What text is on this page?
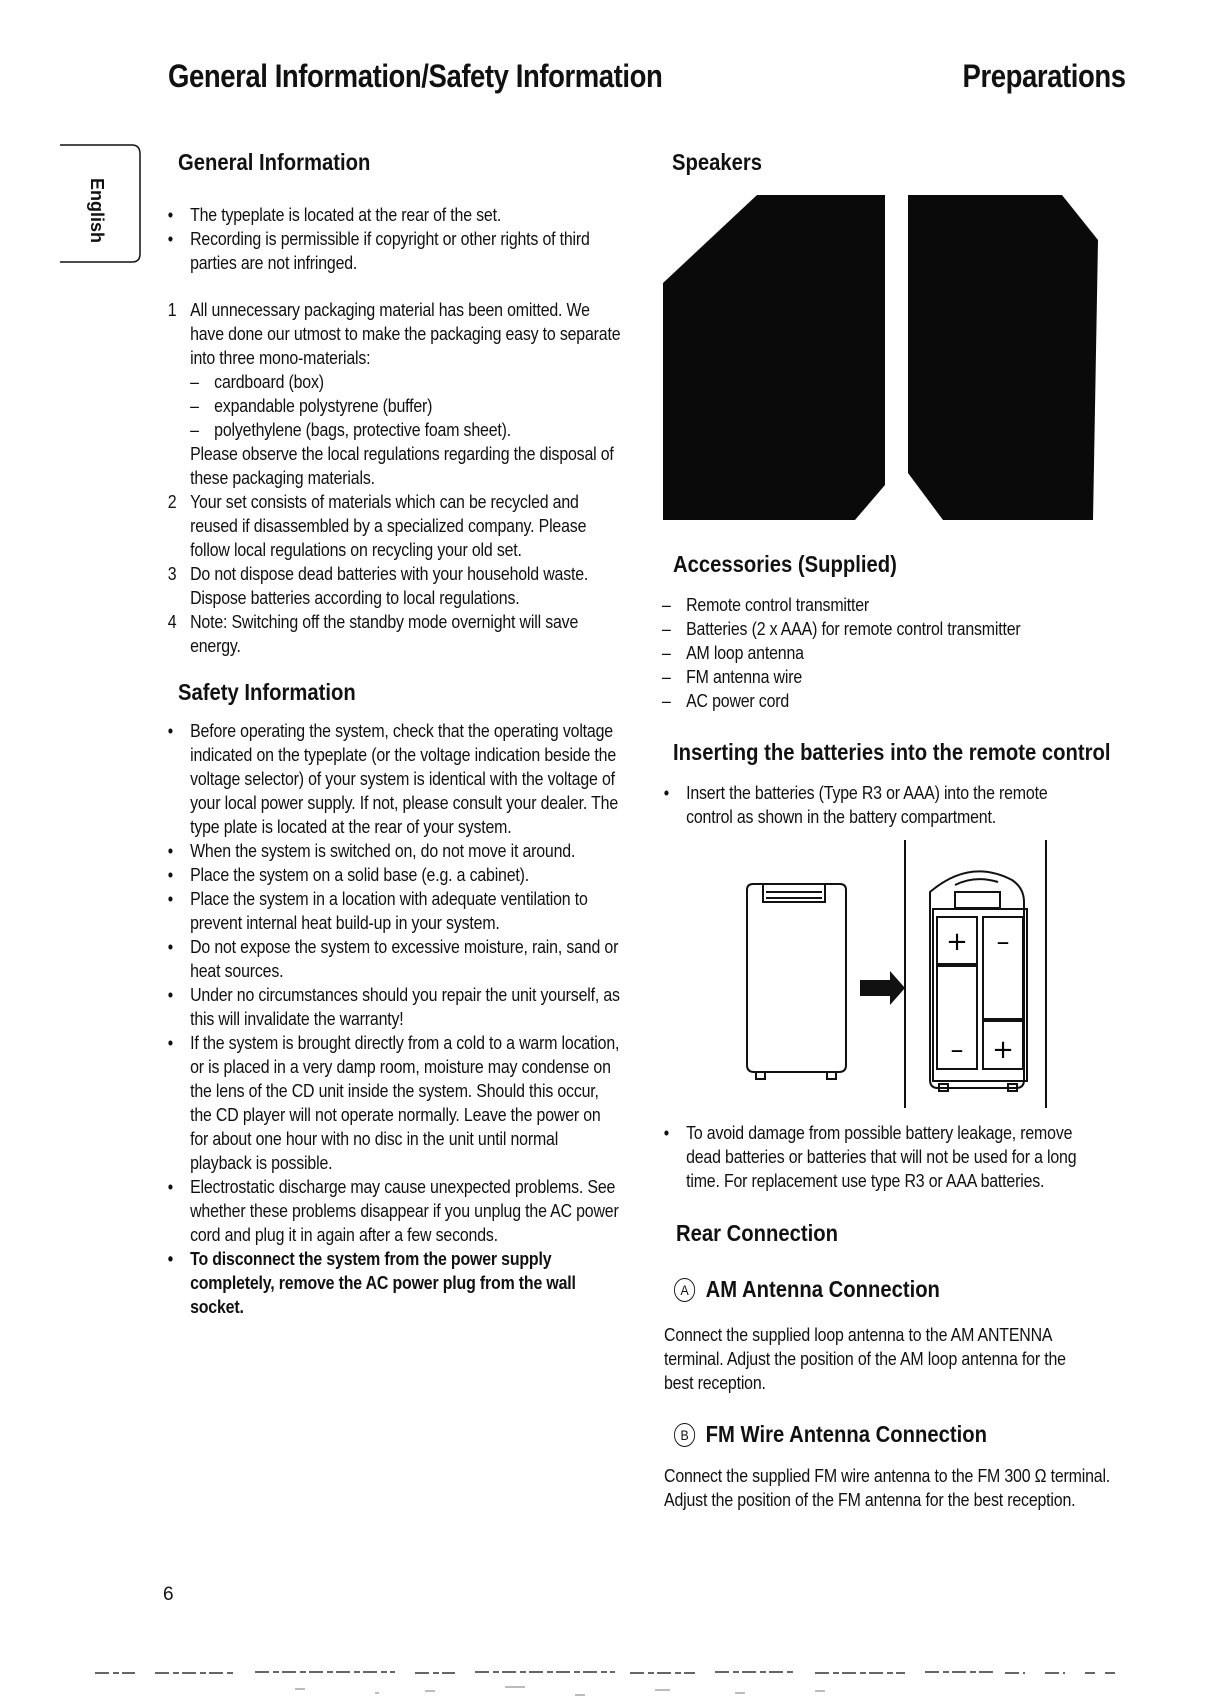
General Information/Safety Information	Preparations
English
General Information
• The typeplate is located at the rear of the set.
• Recording is permissible if copyright or other rights of third parties are not infringed.
1 All unnecessary packaging material has been omitted. We have done our utmost to make the packaging easy to separate into three mono-materials:
– cardboard (box)
– expandable polystyrene (buffer)
– polyethylene (bags, protective foam sheet).
Please observe the local regulations regarding the disposal of these packaging materials.
2 Your set consists of materials which can be recycled and reused if disassembled by a specialized company. Please follow local regulations on recycling your old set.
3 Do not dispose dead batteries with your household waste. Dispose batteries according to local regulations.
4 Note: Switching off the standby mode overnight will save energy.
Safety Information
• Before operating the system, check that the operating voltage indicated on the typeplate (or the voltage indication beside the voltage selector) of your system is identical with the voltage of your local power supply. If not, please consult your dealer. The type plate is located at the rear of your system.
• When the system is switched on, do not move it around.
• Place the system on a solid base (e.g. a cabinet).
• Place the system in a location with adequate ventilation to prevent internal heat build-up in your system.
• Do not expose the system to excessive moisture, rain, sand or heat sources.
• Under no circumstances should you repair the unit yourself, as this will invalidate the warranty!
• If the system is brought directly from a cold to a warm location, or is placed in a very damp room, moisture may condense on the lens of the CD unit inside the system. Should this occur, the CD player will not operate normally. Leave the power on for about one hour with no disc in the unit until normal playback is possible.
• Electrostatic discharge may cause unexpected problems. See whether these problems disappear if you unplug the AC power cord and plug it in again after a few seconds.
• To disconnect the system from the power supply completely, remove the AC power plug from the wall socket.
Speakers
Accessories (Supplied)
– Remote control transmitter
– Batteries (2 x AAA) for remote control transmitter
– AM loop antenna
– FM antenna wire
– AC power cord
Inserting the batteries into the remote control
• Insert the batteries (Type R3 or AAA) into the remote control as shown in the battery compartment.
+ –
– +
• To avoid damage from possible battery leakage, remove dead batteries or batteries that will not be used for a long time. For replacement use type R3 or AAA batteries.
Rear Connection
A AM Antenna Connection
Connect the supplied loop antenna to the AM ANTENNA terminal. Adjust the position of the AM loop antenna for the best reception.
B FM Wire Antenna Connection
Connect the supplied FM wire antenna to the FM 300 Ω terminal. Adjust the position of the FM antenna for the best reception.
6
